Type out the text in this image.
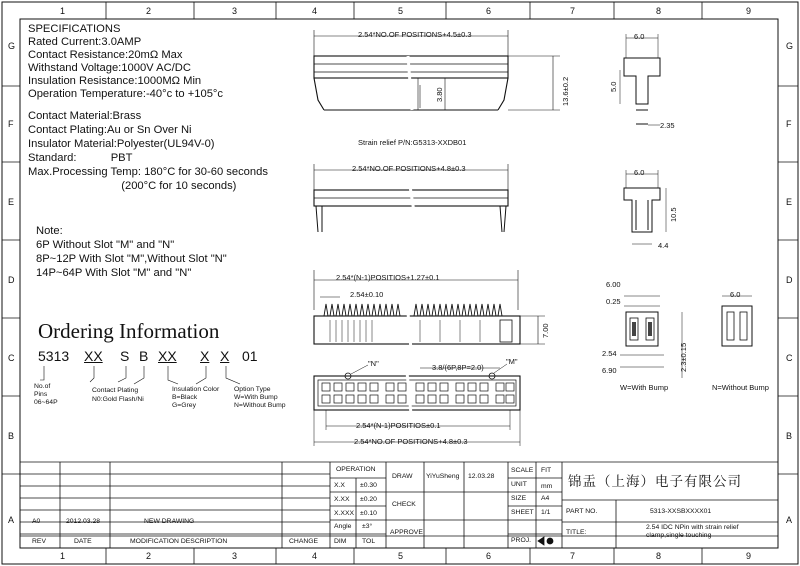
1	2	3	4	5	6	7	8	9
1	2	3	4	5	6	7	8	9
G
F
E
D
C
B
A
G
F
E
D
C
B
A
SPECIFICATIONS
Rated Current:3.0AMP
Contact Resistance:20mΩ Max
Withstand Voltage:1000V AC/DC
Insulation Resistance:1000MΩ Min
Operation Temperature:-40°c to +105°c
Contact Material:Brass
Contact Plating:Au or Sn Over Ni
Insulator Material:Polyester(UL94V-0)
Standard:           PBT
Max.Processing Temp: 180°C for 30-60 seconds
(200°C for 10 seconds)
Note:
6P Without Slot "M" and "N"
8P~12P With Slot "M",Without Slot "N"
14P~64P With Slot "M" and "N"
Ordering Information
5313 XX S B XX X X 01
No.of
Pins
06~64P
Contact Plating
N0:Gold Flash/Ni
Insulation Color
B=Black
G=Grey
Option Type
W=With Bump
N=Without Bump
2.54*NO.OF POSITIONS+4.5±0.3
3.80	13.6±0.2
Strain relief P/N:G5313-XXDB01
2.54*NO.OF POSITIONS+4.8±0.3
2.54*(N-1)POSITIOS+1.27±0.1
2.54±0.10
7.00
"N"	3.8/(6P,8P=2.0)
"M"
2.54*(N-1)POSITIOS±0.1
2.54*NO.OF POSITIONS+4.8±0.3
6.0
5.0
2.35
6.0
10.5
4.4
6.00
0.25
2.54
6.90	2.3±0.15
W=With Bump
6.0
N=Without Bump
A0	2012.03.28	NEW DRAWING
REV	DATE	MODIFICATION DESCRIPTION	CHANGE
OPERATION
X.X ±0.30
X.XX ±0.20
X.XXX ±0.10
Angle ±3°
DIM TOL
DRAW YiYuSheng 12.03.28
CHECK
APPROVE
SCALE FIT
UNIT mm
SIZE A4
SHEET 1/1
PROJ.
锦盂（上海）电子有限公司
PART NO.	5313-XXSBXXXX01
TITLE:
2.54 IDC NPin with strain relief clamp,single touching
